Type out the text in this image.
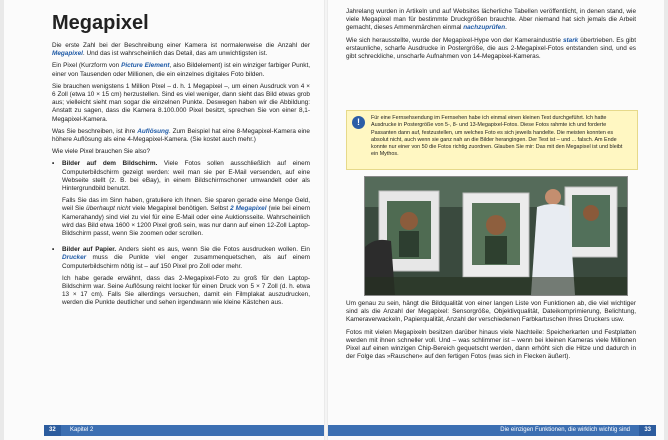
Megapixel

Die erste Zahl bei der Beschreibung einer Kamera ist normalerweise die Anzahl der Megapixel. Und das ist wahrscheinlich das Detail, das am unwichtigsten ist.

Ein Pixel (Kurzform von Picture Element, also Bildelement) ist ein winziger farbiger Punkt, einer von Tausenden oder Millionen, die ein einzelnes digitales Foto bilden.

Sie brauchen wenigstens 1 Million Pixel – d. h. 1 Megapixel –, um einen Ausdruck von 4 × 6 Zoll (etwa 10 × 15 cm) herzustellen. Sind es viel weniger, dann sieht das Bild etwas grob aus; vielleicht sieht man sogar die einzelnen Punkte. Deswegen haben wir die Abbildung: Anstatt zu sagen, dass die Kamera 8.100.000 Pixel besitzt, sprechen Sie von einer 8,1-Megapixel-Kamera.

Was Sie beschreiben, ist ihre Auflösung. Zum Beispiel hat eine 8-Megapixel-Kamera eine höhere Auflösung als eine 4-Megapixel-Kamera. (Sie kostet auch mehr.)

Wie viele Pixel brauchen Sie also?

•	Bilder auf dem Bildschirm. Viele Fotos sollen ausschließlich auf einem Computerbildschirm gezeigt werden: weil man sie per E-Mail versenden, auf eine Webseite stellt (z. B. bei eBay), in einem Bildschirmschoner umwandelt oder als Hintergrundbild benutzt.

Falls Sie das im Sinn haben, gratuliere ich Ihnen. Sie sparen gerade eine Menge Geld, weil Sie überhaupt nicht viele Megapixel benötigen. Selbst 2 Megapixel (wie bei einem Kamerahandy) sind viel zu viel für eine E-Mail oder eine Auktionsseite. Wahrscheinlich wird das Bild etwa 1600 × 1200 Pixel groß sein, was nur dann auf einen 12-Zoll Laptop-Bildschirm passt, wenn Sie zoomen oder scrollen.

•	Bilder auf Papier. Anders sieht es aus, wenn Sie die Fotos ausdrucken wollen. Ein Drucker muss die Punkte viel enger zusammenquetschen, als auf einem Computerbildschirm nötig ist – auf 150 Pixel pro Zoll oder mehr.

Ich habe gerade erwähnt, dass das 2-Megapixel-Foto zu groß für den Laptop-Bildschirm war. Seine Auflösung reicht locker für einen Druck von 5 × 7 Zoll (d. h. etwa 13 × 17 cm). Falls Sie allerdings versuchen, damit ein Filmplakat auszudrucken, werden die Punkte deutlicher und sehen irgendwann wie kleine Kästchen aus.

32	Kapitel 2

Jahrelang wurden in Artikeln und auf Websites lächerliche Tabellen veröffentlicht, in denen stand, wie viele Megapixel man für bestimmte Druckgrößen brauchte. Aber niemand hat sich jemals die Arbeit gemacht, dieses Ammenmärchen einmal nachzuprüfen.

Wie sich herausstellte, wurde der Megapixel-Hype von der Kameraindustrie stark übertrieben. Es gibt erstaunliche, scharfe Ausdrucke in Postergröße, die aus 2-Megapixel-Fotos entstanden sind, und es gibt schreckliche, unscharfe Aufnahmen von 14-Megapixel-Kameras.

!	Für eine Fernsehsendung im Fernsehen habe ich einmal einen kleinen Test durchgeführt. Ich hatte Ausdrucke in Postergröße von 5-, 8- und 13-Megapixel-Fotos. Diese Fotos rahmte ich und forderte Passanten dann auf, festzustellen, um welches Foto es sich jeweils handelte. Die meisten konnten es absolut nicht, auch wenn sie ganz nah an die Bilder herangingen. Der Test ist – und ... falsch. Am Ende konnte nur einer von 50 die Fotos richtig zuordnen. Glauben Sie mir: Das mit den Megapixel ist und bleibt ein Mythos.

Um genau zu sein, hängt die Bildqualität von einer langen Liste von Funktionen ab, die viel wichtiger sind als die Anzahl der Megapixel: Sensorgröße, Objektivqualität, Dateikomprimierung, Belichtung, Kameraverwackeln, Papierqualität, Anzahl der verschiedenen Farbkartuschen Ihres Druckers usw.

Fotos mit vielen Megapixeln besitzen darüber hinaus viele Nachteile: Speicherkarten und Festplatten werden mit ihnen schneller voll. Und – was schlimmer ist – wenn bei kleinen Kameras viele Millionen Pixel auf einen winzigen Chip-Bereich gequetscht werden, dann erhöht sich die Hitze und dadurch in der Folge das »Rauschen« auf den fertigen Fotos (was sich in Flecken äußert).

Die einzigen Funktionen, die wirklich wichtig sind	33
